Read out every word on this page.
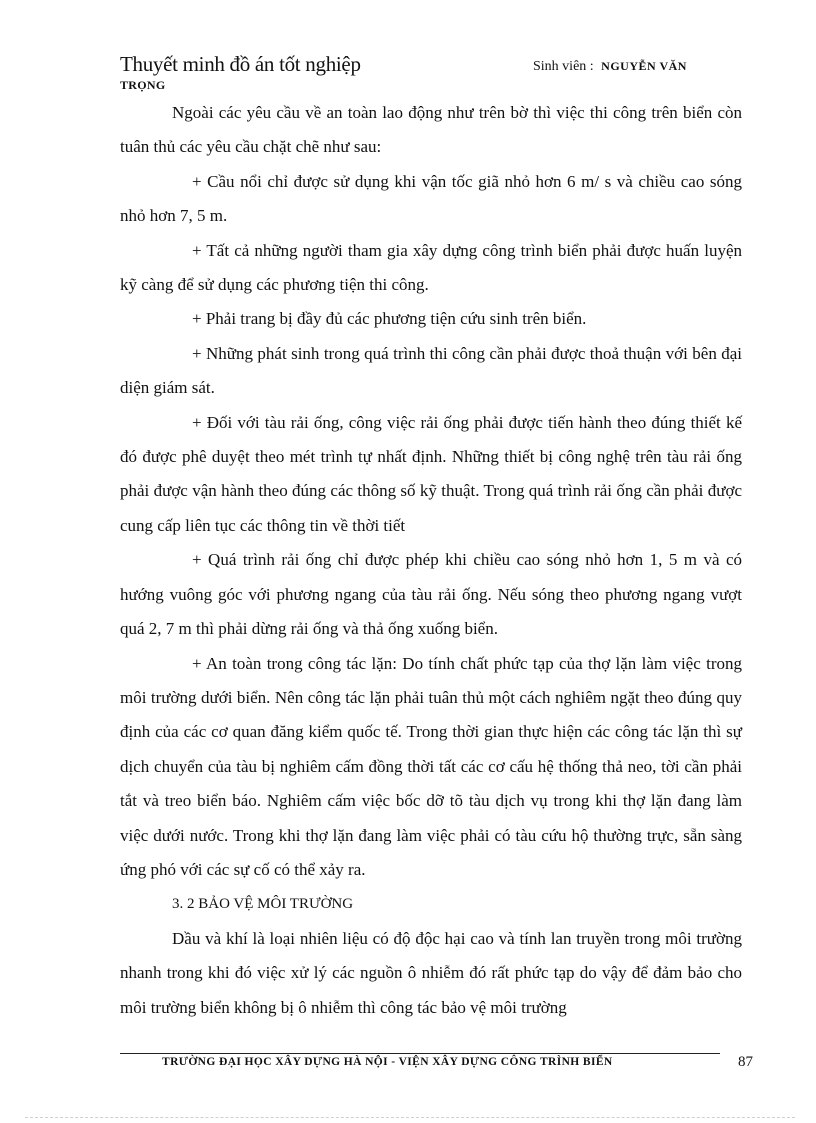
Thuyết minh đồ án tốt nghiệp	Sinh viên : NGUYỄN VĂN
TRỌNG

Ngoài các yêu cầu về an toàn lao động như trên bờ thì việc thi công trên biển còn tuân thủ các yêu cầu chặt chẽ như sau:

+ Cầu nổi chỉ được sử dụng khi vận tốc giã nhỏ hơn 6 m/ s và chiều cao sóng nhỏ hơn 7, 5 m.

+ Tất cả những người tham gia xây dựng công trình biển phải được huấn luyện kỹ càng để sử dụng các phương tiện thi công.

+ Phải trang bị đầy đủ các phương tiện cứu sinh trên biển.

+ Những phát sinh trong quá trình thi công cần phải được thoả thuận với bên đại diện giám sát.

+ Đối với tàu rải ống, công việc rải ống phải được tiến hành theo đúng thiết kế đó được phê duyệt theo mét trình tự nhất định. Những thiết bị công nghệ trên tàu rải ống phải được vận hành theo đúng các thông số kỹ thuật. Trong quá trình rải ống cần phải được cung cấp liên tục các thông tin về thời tiết

+ Quá trình rải ống chỉ được phép khi chiều cao sóng nhỏ hơn 1, 5 m và có hướng vuông góc với phương ngang của tàu rải ống. Nếu sóng theo phương ngang vượt quá 2, 7 m thì phải dừng rải ống và thả ống xuống biển.

+ An toàn trong công tác lặn: Do tính chất phức tạp của thợ lặn làm việc trong môi trường dưới biển. Nên công tác lặn phải tuân thủ một cách nghiêm ngặt theo đúng quy định của các cơ quan đăng kiểm quốc tế. Trong thời gian thực hiện các công tác lặn thì sự dịch chuyển của tàu bị nghiêm cấm đồng thời tất các cơ cấu hệ thống thả neo, tời cần phải tắt và treo biển báo. Nghiêm cấm việc bốc dỡ tõ tàu dịch vụ trong khi thợ lặn đang làm việc dưới nước. Trong khi thợ lặn đang làm việc phải có tàu cứu hộ thường trực, sẵn sàng ứng phó với các sự cố có thể xảy ra.

3. 2 BẢO VỆ MÔI TRƯỜNG

Dầu và khí là loại nhiên liệu có độ độc hại cao và tính lan truyền trong môi trường nhanh trong khi đó việc xử lý các nguồn ô nhiễm đó rất phức tạp do vậy để đảm bảo cho môi trường biển không bị ô nhiễm thì công tác bảo vệ môi trường

TRƯỜNG ĐẠI HỌC XÂY DỰNG HÀ NỘI - VIỆN XÂY DỰNG CÔNG TRÌNH BIỂN	87
